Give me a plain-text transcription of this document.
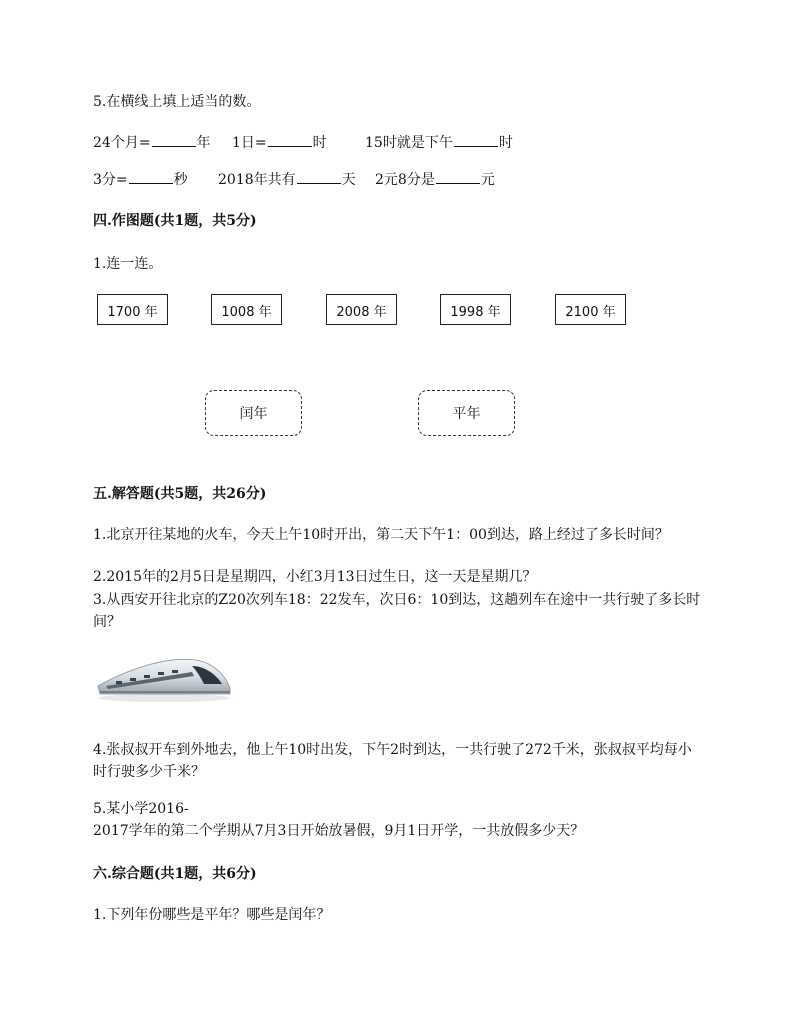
5.在横线上填上适当的数。
24个月=	年 1日=	时	15时就是下午	时
3分=	秒 2018年共有	天 2元8分是	元
四.作图题(共1题，共5分)
1.连一连。
1700 年	1008 年	2008 年	1998 年	2100 年
闰年	平年
五.解答题(共5题，共26分)
1.北京开往某地的火车，今天上午10时开出，第二天下午1：00到达，路上经过了多长时间？
2.2015年的2月5日是星期四，小红3月13日过生日，这一天是星期几？
3.从西安开往北京的Z20次列车18：22发车，次日6：10到达，这趟列车在途中一共行驶了多长时间？
4.张叔叔开车到外地去，他上午10时出发，下午2时到达，一共行驶了272千米，张叔叔平均每小时行驶多少千米？
5.某小学2016-
2017学年的第二个学期从7月3日开始放暑假，9月1日开学，一共放假多少天？
六.综合题(共1题，共6分)
1.下列年份哪些是平年？哪些是闰年？
